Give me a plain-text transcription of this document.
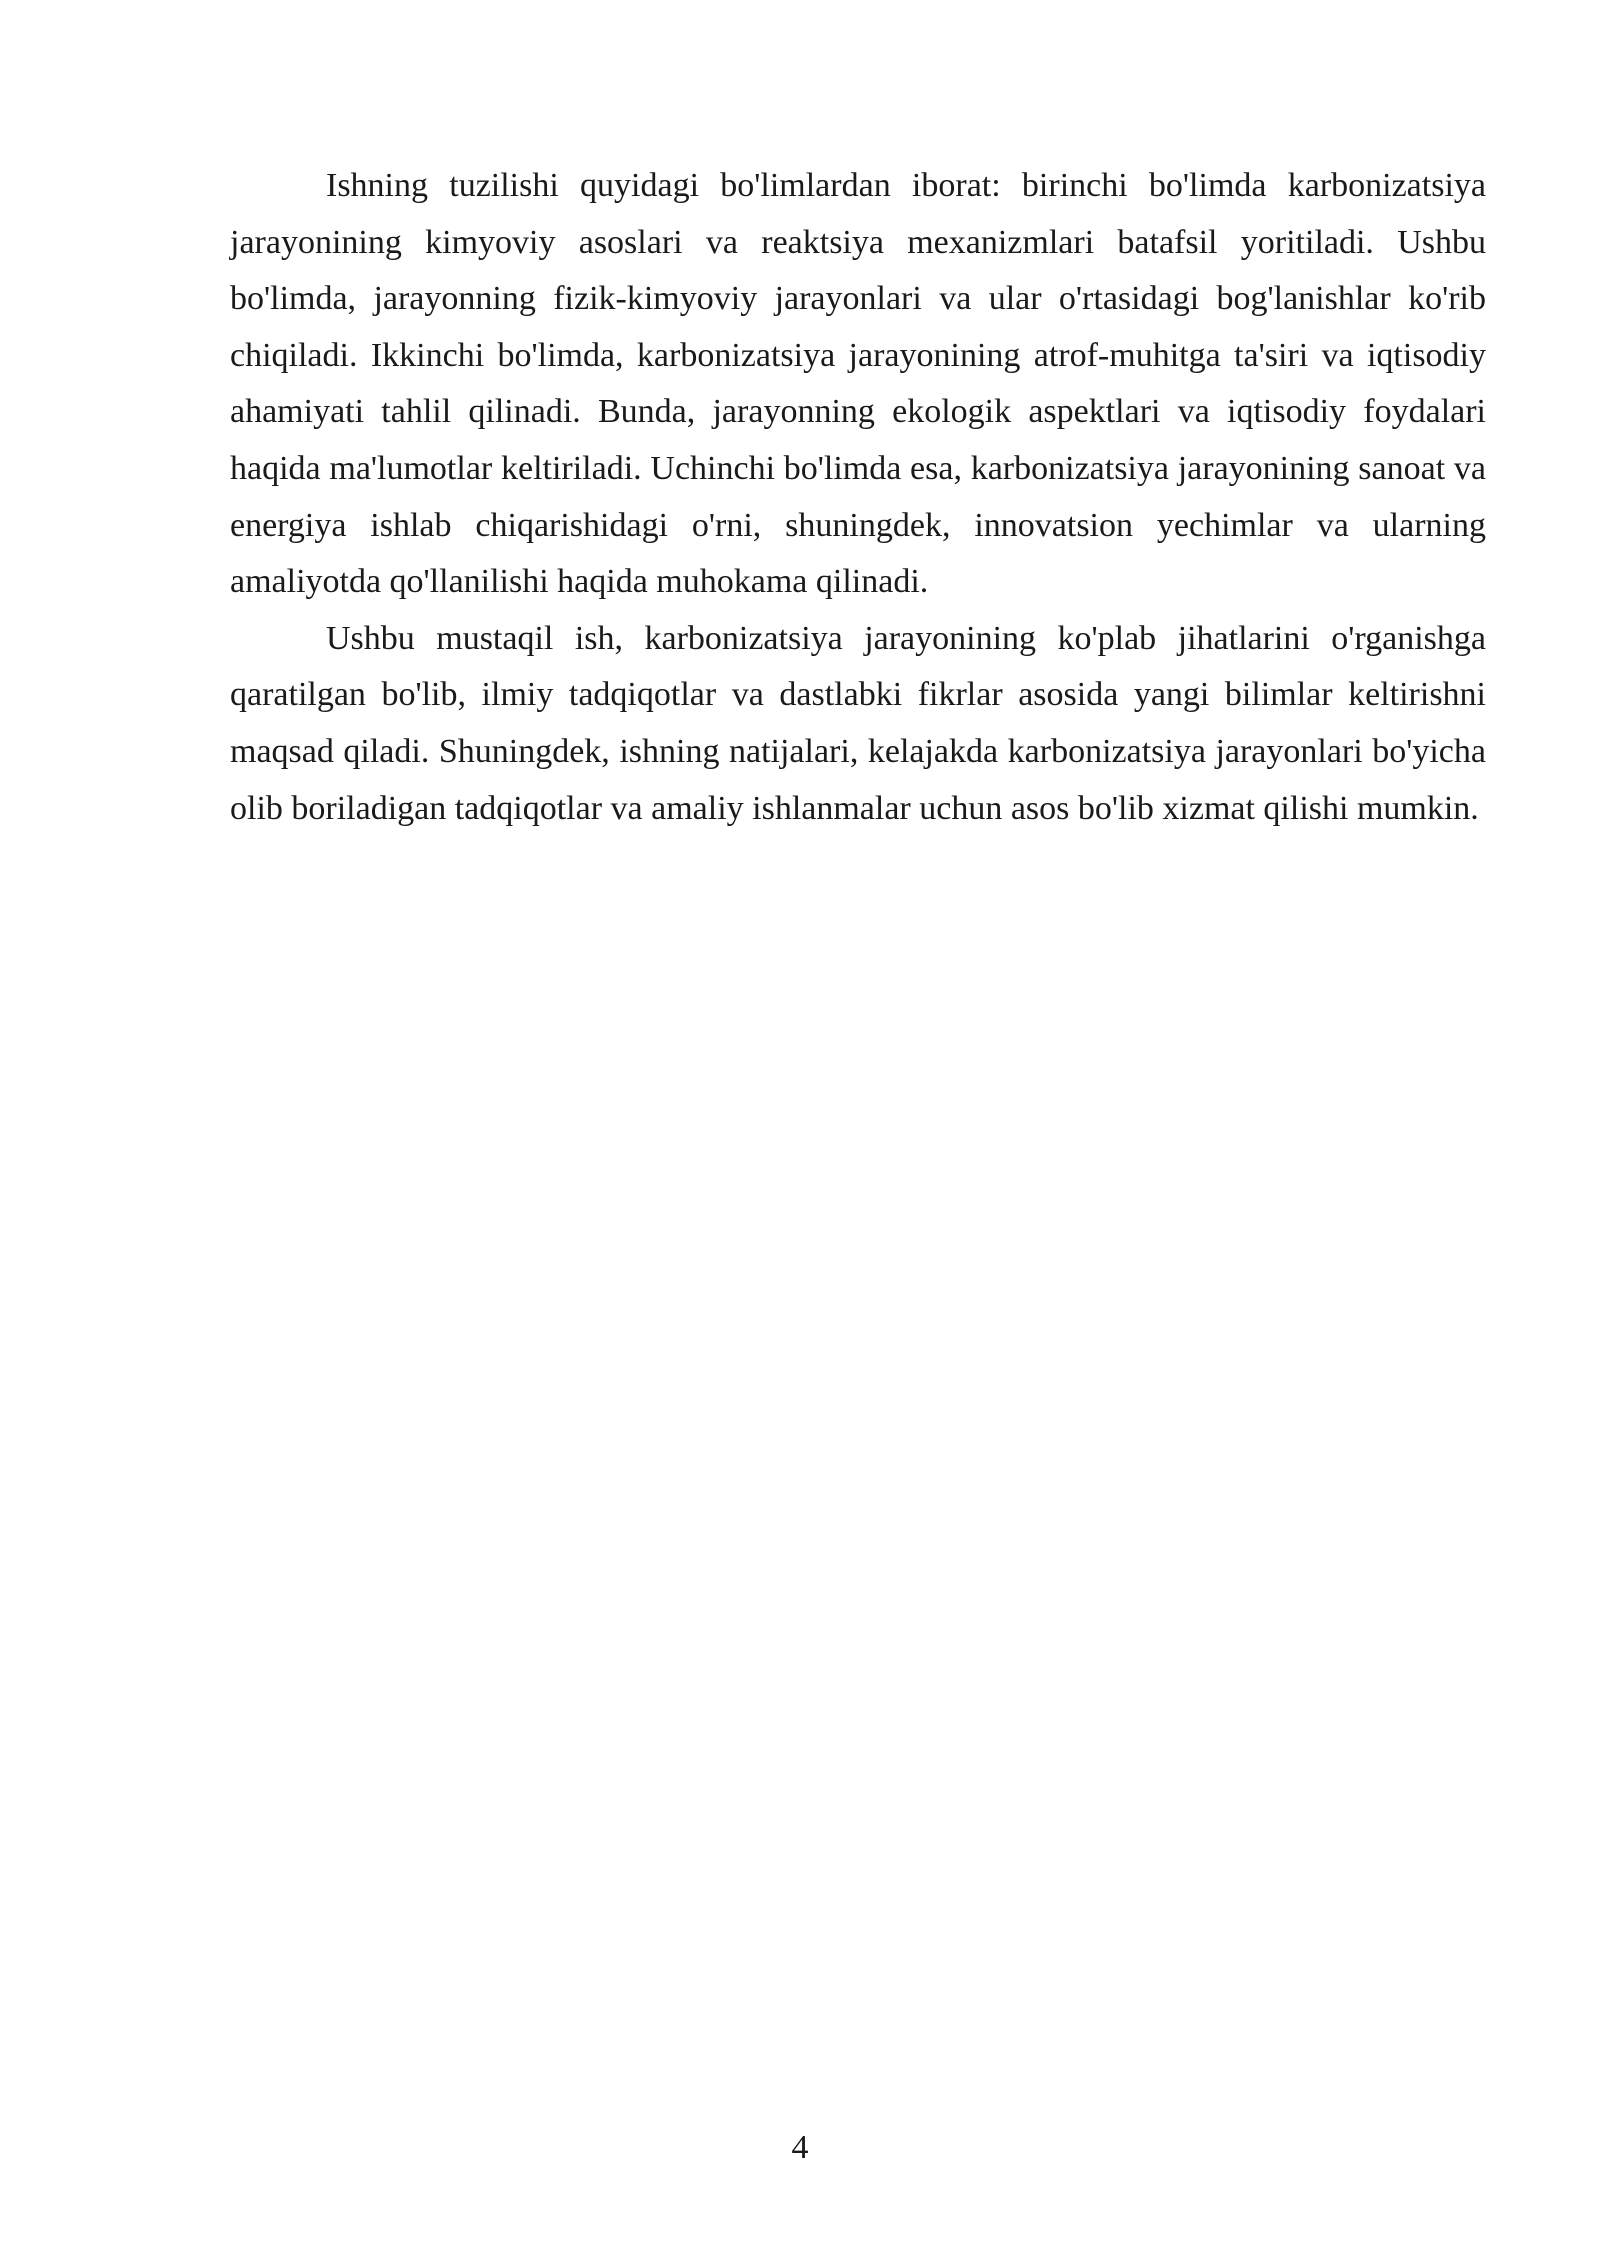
Ishning tuzilishi quyidagi bo'limlardan iborat: birinchi bo'limda karbonizatsiya jarayonining kimyoviy asoslari va reaktsiya mexanizmlari batafsil yoritiladi. Ushbu bo'limda, jarayonning fizik-kimyoviy jarayonlari va ular o'rtasidagi bog'lanishlar ko'rib chiqiladi. Ikkinchi bo'limda, karbonizatsiya jarayonining atrof-muhitga ta'siri va iqtisodiy ahamiyati tahlil qilinadi. Bunda, jarayonning ekologik aspektlari va iqtisodiy foydalari haqida ma'lumotlar keltiriladi. Uchinchi bo'limda esa, karbonizatsiya jarayonining sanoat va energiya ishlab chiqarishidagi o'rni, shuningdek, innovatsion yechimlar va ularning amaliyotda qo'llanilishi haqida muhokama qilinadi.

Ushbu mustaqil ish, karbonizatsiya jarayonining ko'plab jihatlarini o'rganishga qaratilgan bo'lib, ilmiy tadqiqotlar va dastlabki fikrlar asosida yangi bilimlar keltirishni maqsad qiladi. Shuningdek, ishning natijalari, kelajakda karbonizatsiya jarayonlari bo'yicha olib boriladigan tadqiqotlar va amaliy ishlanmalar uchun asos bo'lib xizmat qilishi mumkin.

4
